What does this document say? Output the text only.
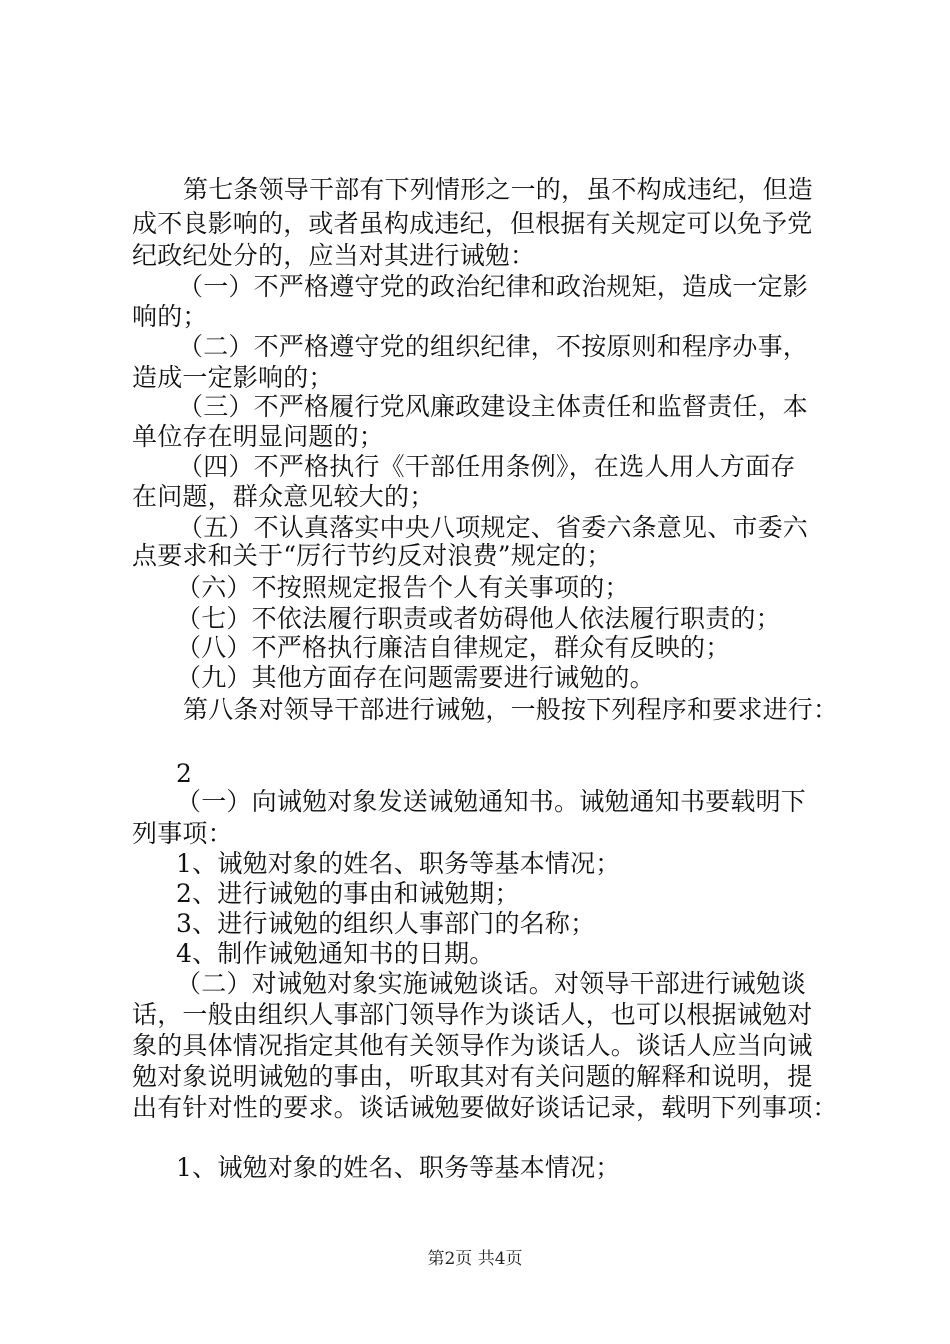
第七条领导干部有下列情形之一的，虽不构成违纪，但造
成不良影响的，或者虽构成违纪，但根据有关规定可以免予党
纪政纪处分的，应当对其进行诫勉：
（一）不严格遵守党的政治纪律和政治规矩，造成一定影
响的；
（二）不严格遵守党的组织纪律，不按原则和程序办事，
造成一定影响的；
（三）不严格履行党风廉政建设主体责任和监督责任，本
单位存在明显问题的；
（四）不严格执行《干部任用条例》，在选人用人方面存
在问题，群众意见较大的；
（五）不认真落实中央八项规定、省委六条意见、市委六
点要求和关于“厉行节约反对浪费”规定的；
（六）不按照规定报告个人有关事项的；
（七）不依法履行职责或者妨碍他人依法履行职责的；
（八）不严格执行廉洁自律规定，群众有反映的；
（九）其他方面存在问题需要进行诫勉的。
第八条对领导干部进行诫勉，一般按下列程序和要求进行：
2
（一）向诫勉对象发送诫勉通知书。诫勉通知书要载明下
列事项：
1、诫勉对象的姓名、职务等基本情况；
2、进行诫勉的事由和诫勉期；
3、进行诫勉的组织人事部门的名称；
4、制作诫勉通知书的日期。
（二）对诫勉对象实施诫勉谈话。对领导干部进行诫勉谈
话，一般由组织人事部门领导作为谈话人，也可以根据诫勉对
象的具体情况指定其他有关领导作为谈话人。谈话人应当向诫
勉对象说明诫勉的事由，听取其对有关问题的解释和说明，提
出有针对性的要求。谈话诫勉要做好谈话记录，载明下列事项：
1、诫勉对象的姓名、职务等基本情况；
第2页 共4页
